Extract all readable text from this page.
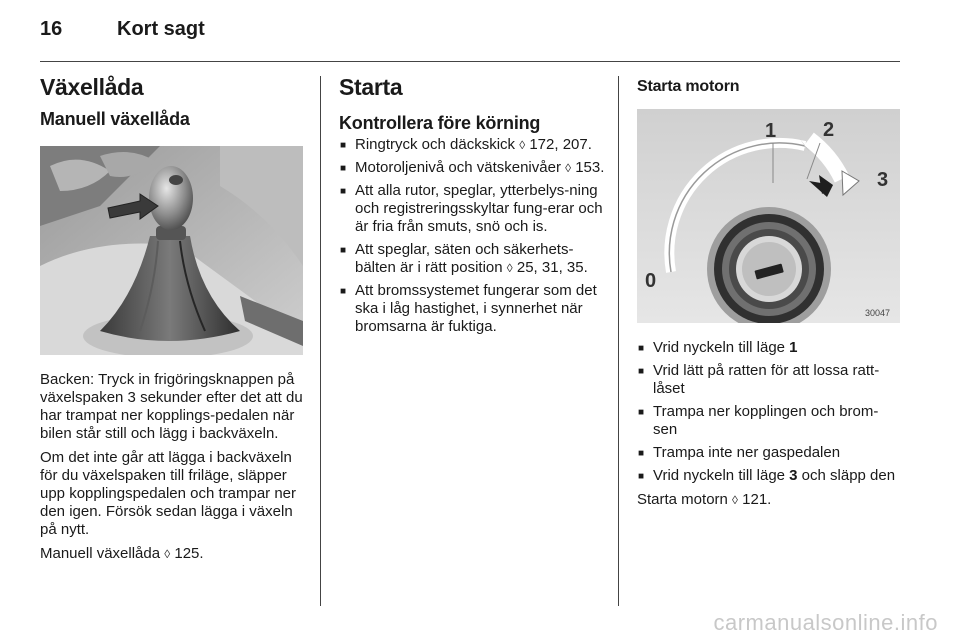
16	Kort sagt
Växellåda
Manuell växellåda

Backen: Tryck in frigöringsknappen på växelspaken 3 sekunder efter det att du har trampat ner kopplings-pedalen när bilen står still och lägg i backväxeln.

Om det inte går att lägga i backväxeln för du växelspaken till friläge, släpper upp kopplingspedalen och trampar ner den igen. Försök sedan lägga i växeln på nytt.

Manuell växellåda ◊ 125.

Starta
Kontrollera före körning
■ Ringtryck och däckskick ◊ 172, 207.
■ Motoroljenivå och vätskenivåer ◊ 153.
■ Att alla rutor, speglar, ytterbelys-ning och registreringsskyltar fung-erar och är fria från smuts, snö och is.
■ Att speglar, säten och säkerhets-bälten är i rätt position ◊ 25, 31, 35.
■ Att bromssystemet fungerar som det ska i låg hastighet, i synnerhet när bromsarna är fuktiga.
Starta motorn
1 2
3
0
30047
■ Vrid nyckeln till läge 1
■ Vrid lätt på ratten för att lossa ratt-låset
■ Trampa ner kopplingen och brom-sen
■ Trampa inte ner gaspedalen
■ Vrid nyckeln till läge 3 och släpp den

Starta motorn ◊ 121.

carmanualsonline.info
